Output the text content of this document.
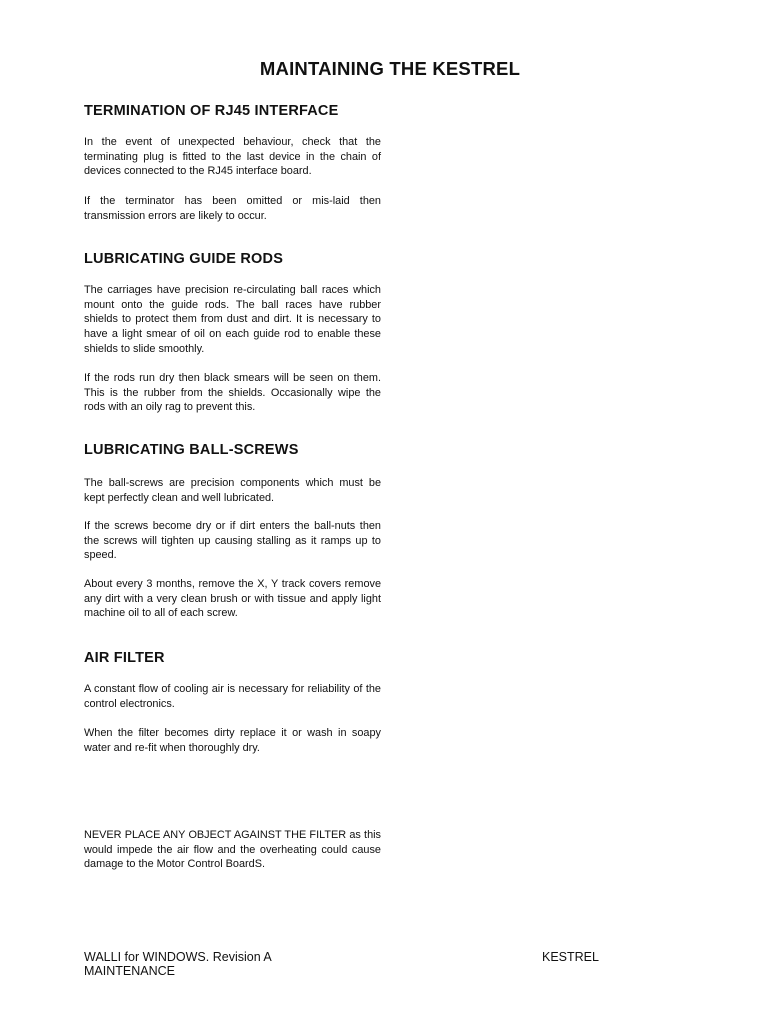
MAINTAINING THE KESTREL
TERMINATION OF RJ45 INTERFACE

In the event of unexpected behaviour, check that the terminating plug is fitted to the last device in the chain of devices connected to the RJ45 interface board.

If the terminator has been omitted or mis-laid then transmission errors are likely to occur.

LUBRICATING GUIDE RODS

The carriages have precision re-circulating ball races which mount onto the guide rods. The ball races have rubber shields to protect them from dust and dirt. It is necessary to have a light smear of oil on each guide rod to enable these shields to slide smoothly.

If the rods run dry then black smears will be seen on them. This is the rubber from the shields. Occasionally wipe the rods with an oily rag to prevent this.

LUBRICATING BALL-SCREWS

The ball-screws are precision components which must be kept perfectly clean and well lubricated.

If the screws become dry or if dirt enters the ball-nuts then the screws will tighten up causing stalling as it ramps up to speed.

About every 3 months, remove the X, Y track covers remove any dirt with a very clean brush or with tissue and apply light machine oil to all of each screw.

AIR FILTER

A constant flow of cooling air is necessary for reliability of the control electronics.

When the filter becomes dirty replace it or wash in soapy water and re-fit when thoroughly dry.

NEVER PLACE ANY OBJECT AGAINST THE FILTER as this would impede the air flow and the overheating could cause damage to the Motor Control BoardS.

WALLI for WINDOWS. Revision A
MAINTENANCE
KESTREL
